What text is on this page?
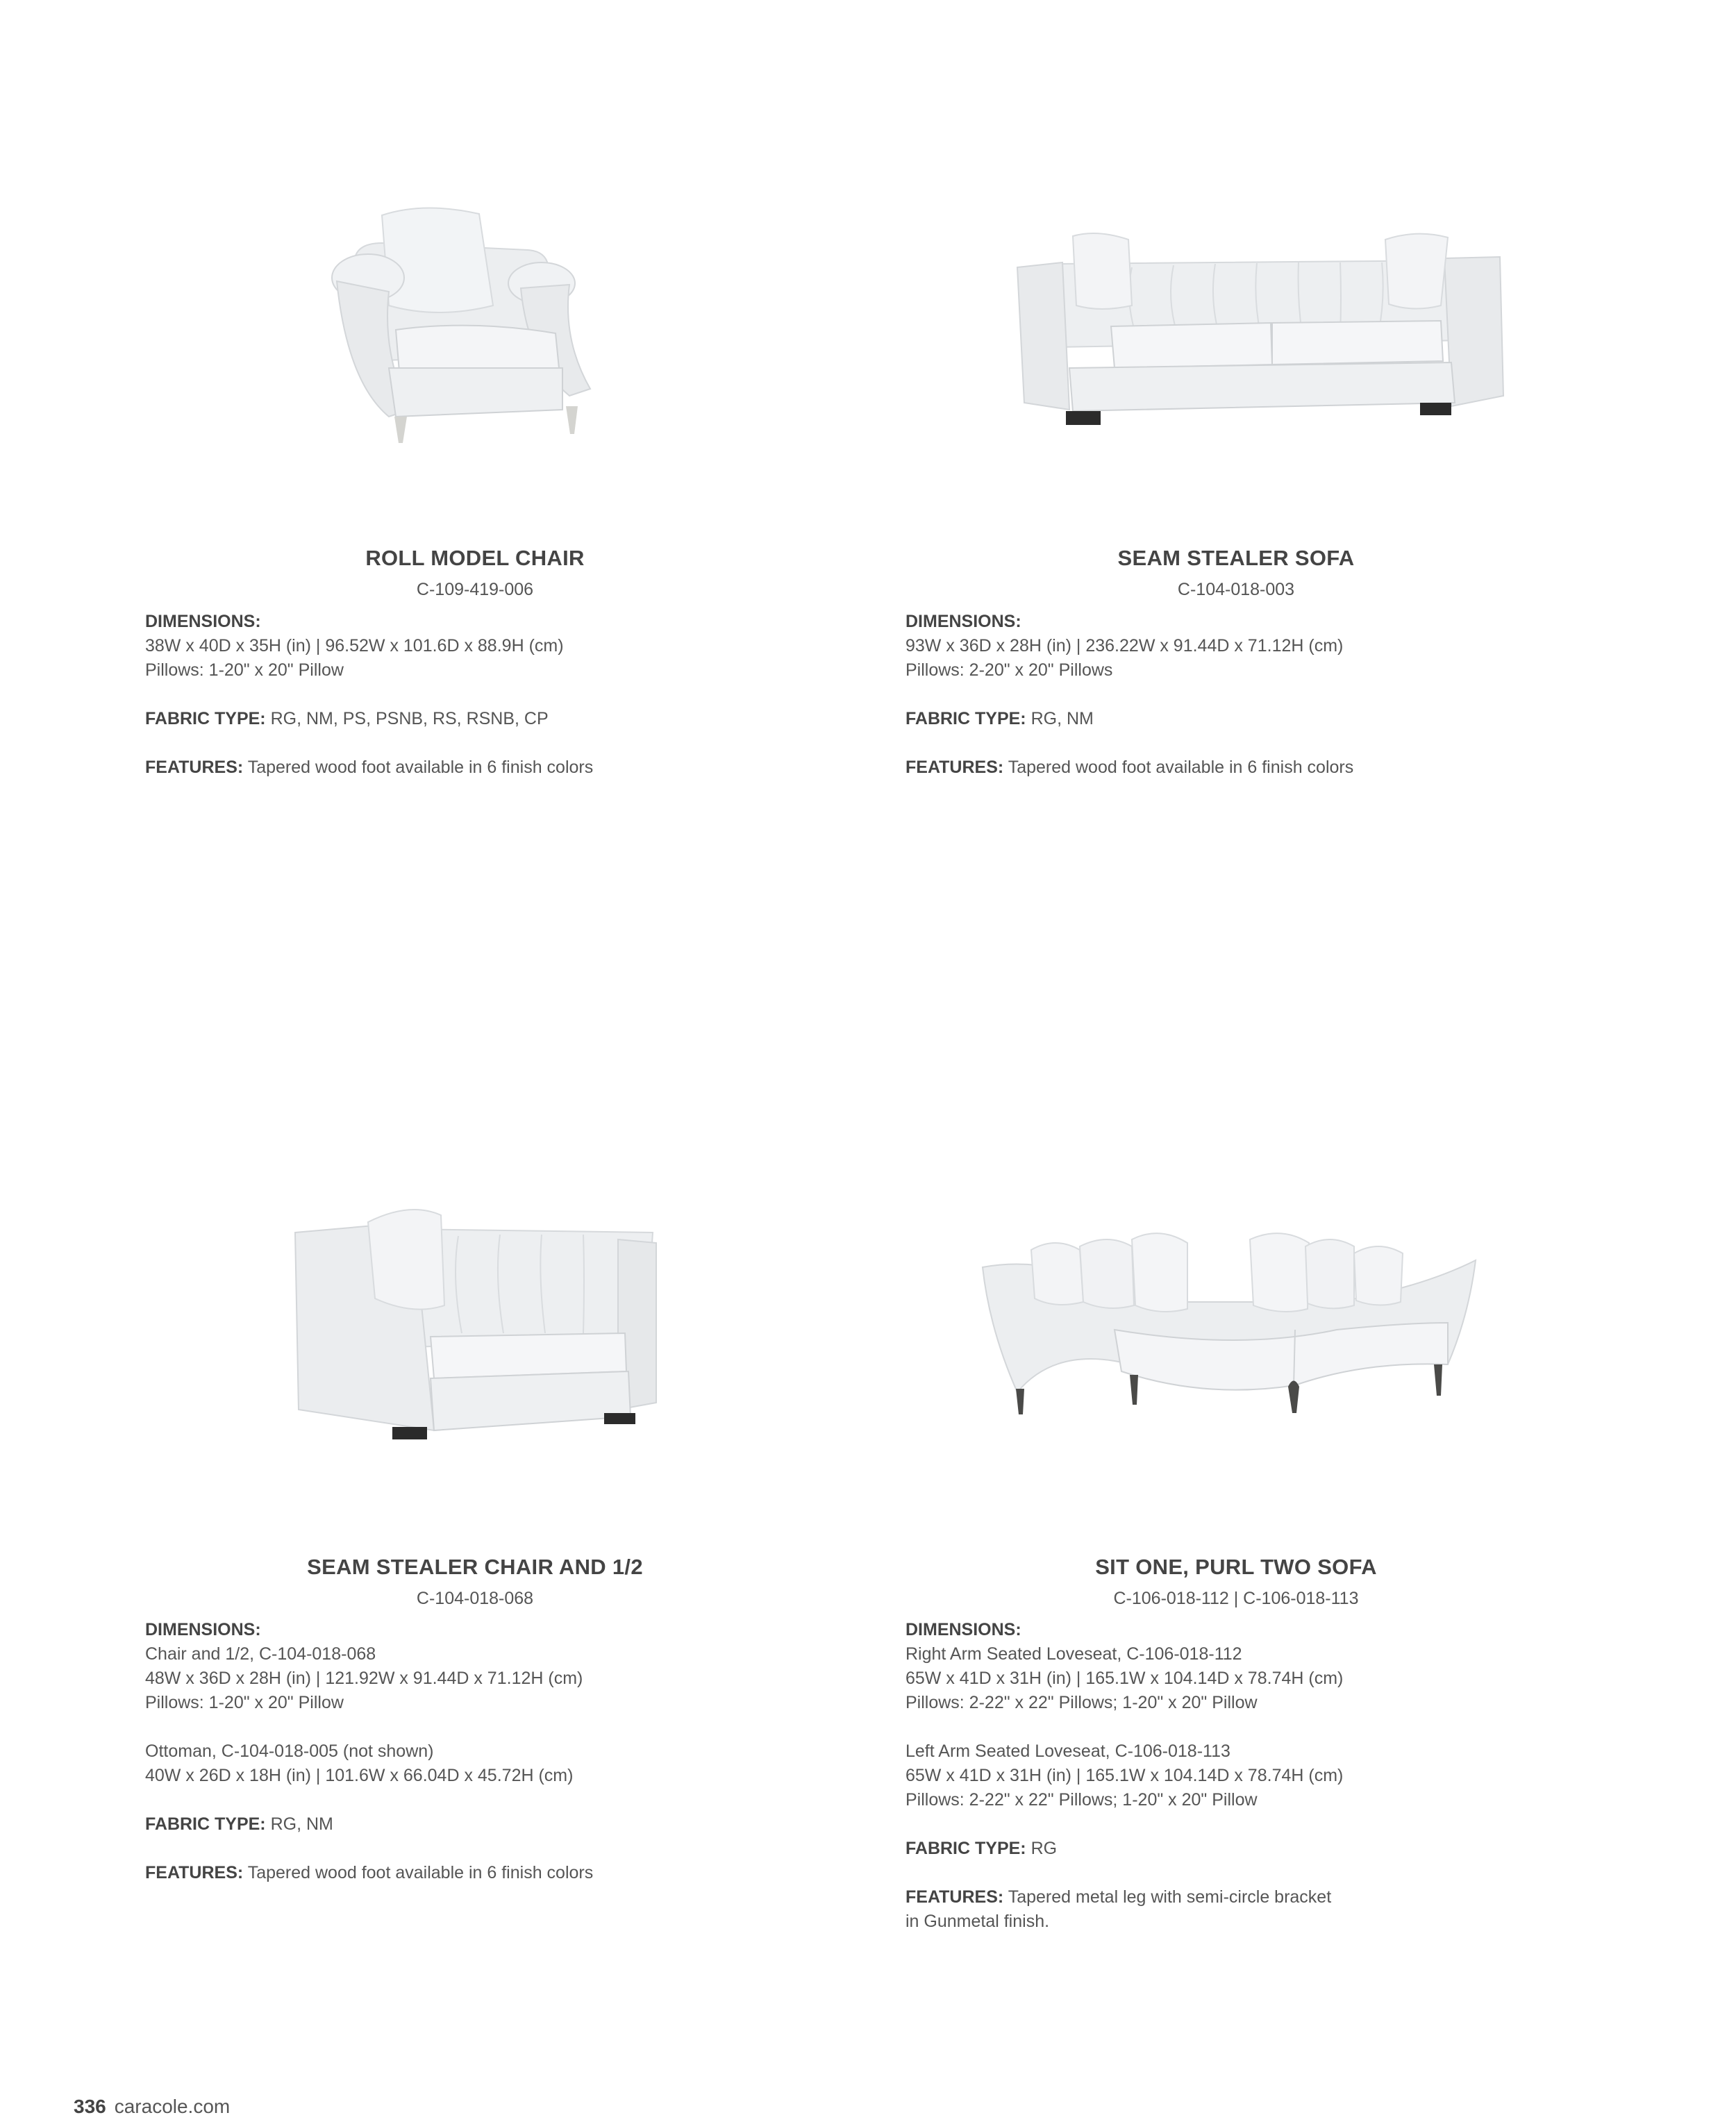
ROLL MODEL CHAIR
C-109-419-006
DIMENSIONS:
38W x 40D x 35H (in) | 96.52W x 101.6D x 88.9H (cm)
Pillows: 1-20" x 20" Pillow
FABRIC TYPE: RG, NM, PS, PSNB, RS, RSNB, CP
FEATURES: Tapered wood foot available in 6 finish colors
SEAM STEALER SOFA
C-104-018-003
DIMENSIONS:
93W x 36D x 28H (in) | 236.22W x 91.44D x 71.12H (cm)
Pillows: 2-20" x 20" Pillows
FABRIC TYPE: RG, NM
FEATURES: Tapered wood foot available in 6 finish colors
SEAM STEALER CHAIR AND 1/2
C-104-018-068
DIMENSIONS:
Chair and 1/2, C-104-018-068
48W x 36D x 28H (in) | 121.92W x 91.44D x 71.12H (cm)
Pillows: 1-20" x 20" Pillow
Ottoman, C-104-018-005 (not shown)
40W x 26D x 18H (in) | 101.6W x 66.04D x 45.72H (cm)
FABRIC TYPE: RG, NM
FEATURES: Tapered wood foot available in 6 finish colors
SIT ONE, PURL TWO SOFA
C-106-018-112 | C-106-018-113
DIMENSIONS:
Right Arm Seated Loveseat, C-106-018-112
65W x 41D x 31H (in) | 165.1W x 104.14D x 78.74H (cm)
Pillows: 2-22" x 22" Pillows; 1-20" x 20" Pillow
Left Arm Seated Loveseat, C-106-018-113
65W x 41D x 31H (in) | 165.1W x 104.14D x 78.74H (cm)
Pillows: 2-22" x 22" Pillows; 1-20" x 20" Pillow
FABRIC TYPE: RG
FEATURES: Tapered metal leg with semi-circle bracket
in Gunmetal finish.
336 caracole.com
